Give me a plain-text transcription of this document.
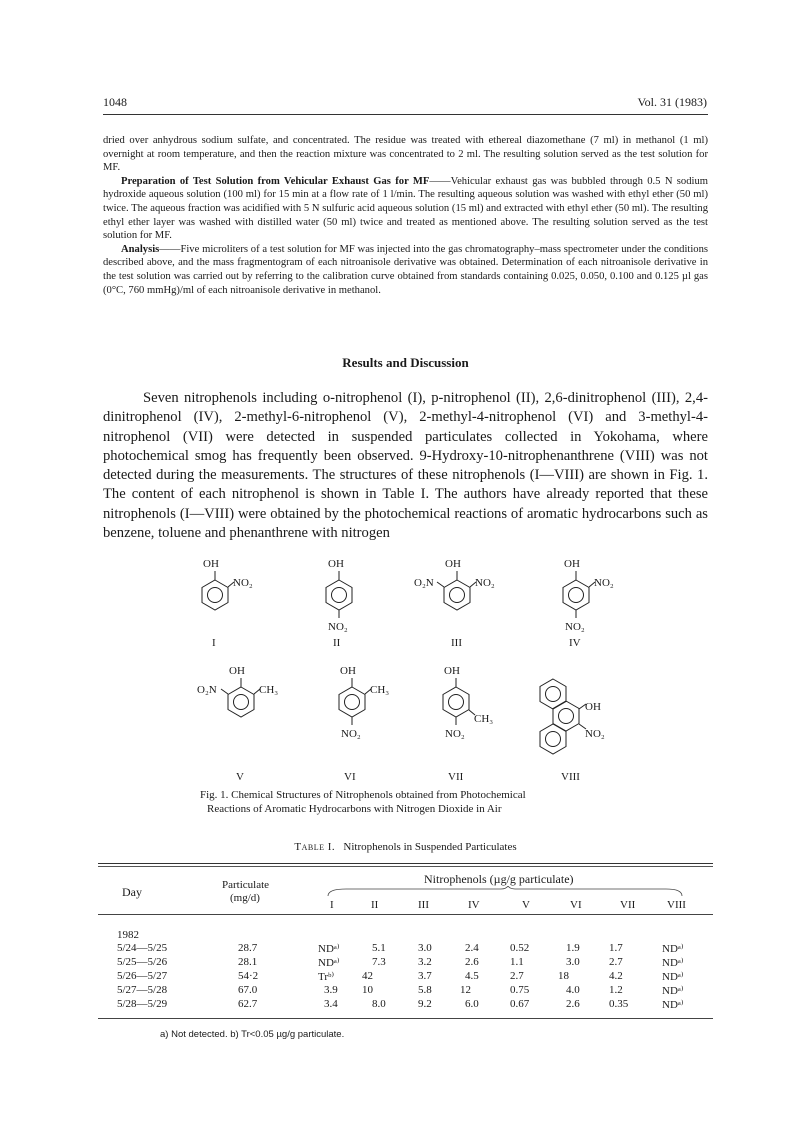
1048	Vol. 31 (1983)

dried over anhydrous sodium sulfate, and concentrated. The residue was treated with ethereal diazomethane (7 ml) in methanol (1 ml) overnight at room temperature, and then the reaction mixture was concentrated to 2 ml. The resulting solution served as the test solution for MF.

Preparation of Test Solution from Vehicular Exhaust Gas for MF——Vehicular exhaust gas was bubbled through 0.5 N sodium hydroxide aqueous solution (100 ml) for 15 min at a flow rate of 1 l/min. The resulting aqueous solution was washed with ethyl ether (50 ml) twice. The aqueous fraction was acidified with 5 N sulfuric acid aqueous solution (15 ml) and extracted with ethyl ether (50 ml). The resulting ethyl ether layer was washed with distilled water (50 ml) twice and treated as mentioned above. The resulting solution served as the test solution for MF.

Analysis——Five microliters of a test solution for MF was injected into the gas chromatography–mass spectrometer under the conditions described above, and the mass fragmentogram of each nitroanisole derivative was obtained. Determination of each nitroanisole derivative in the test solution was carried out by referring to the calibration curve obtained from standards containing 0.025, 0.050, 0.100 and 0.125 µl gas (0°C, 760 mmHg)/ml of each nitroanisole derivative in methanol.

Results and Discussion

Seven nitrophenols including o-nitrophenol (I), p-nitrophenol (II), 2,6-dinitrophenol (III), 2,4-dinitrophenol (IV), 2-methyl-6-nitrophenol (V), 2-methyl-4-nitrophenol (VI) and 3-methyl-4-nitrophenol (VII) were detected in suspended particulates collected in Yokohama, where photochemical smog has frequently been observed. 9-Hydroxy-10-nitrophenanthrene (VIII) was not detected during the measurements. The structures of these nitrophenols (I—VIII) are shown in Fig. 1. The content of each nitrophenol is shown in Table I. The authors have already reported that these nitrophenols (I—VIII) were obtained by the photochemical reactions of aromatic hydrocarbons such as benzene, toluene and phenanthrene with nitrogen

OH
NO₂
I
OH
NO₂
II
OH
O₂N	NO₂
III
OH
NO₂
NO₂
IV
OH
O₂N	CH₃
V
OH
CH₃
NO₂
VI
OH
CH₃
NO₂
VII
OH
NO₂
VIII
Fig. 1. Chemical Structures of Nitrophenols obtained from Photochemical
Reactions of Aromatic Hydrocarbons with Nitrogen Dioxide in Air
Table I. Nitrophenols in Suspended Particulates
Day	Particulate
(mg/d)
Nitrophenols (µg/g particulate)
I	II	III	IV	V	VI	VII	VIII
1982
5/24—5/25	28.7	NDᵃ⁾	5.1	3.0	2.4	0.52	1.9	1.7	NDᵃ⁾
5/25—5/26	28.1	NDᵃ⁾	7.3	3.2	2.6	1.1	3.0	2.7	NDᵃ⁾
5/26—5/27	54·2	Trᵇ⁾	42	3.7	4.5	2.7	18	4.2	NDᵃ⁾
5/27—5/28	67.0	3.9 10	5.8	12	0.75	4.0	1.2	NDᵃ⁾
5/28—5/29	62.7	3.4	8.0	9.2	6.0	0.67	2.6	0.35	NDᵃ⁾
a) Not detected. b) Tr<0.05 µg/g particulate.
